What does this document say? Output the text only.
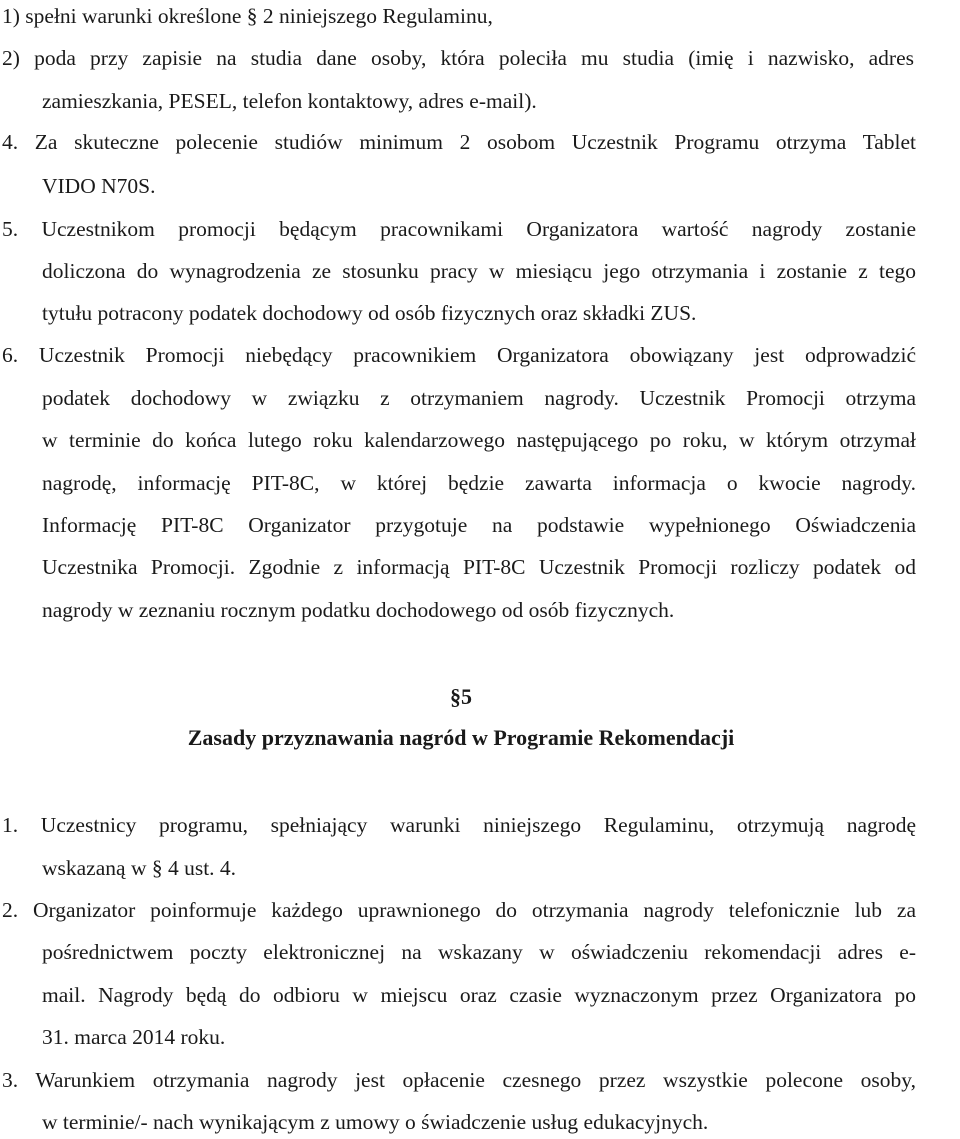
1) spełni warunki określone § 2 niniejszego Regulaminu,
2) poda przy zapisie na studia dane osoby, która poleciła mu studia (imię i nazwisko, adres
zamieszkania, PESEL, telefon kontaktowy, adres e-mail).
4. Za skuteczne polecenie studiów minimum 2 osobom Uczestnik Programu otrzyma Tablet
VIDO N70S.
5. Uczestnikom promocji będącym pracownikami Organizatora wartość nagrody zostanie
doliczona do wynagrodzenia ze stosunku pracy w miesiącu jego otrzymania i zostanie z tego
tytułu potracony podatek dochodowy od osób fizycznych oraz składki ZUS.
6. Uczestnik Promocji niebędący pracownikiem Organizatora obowiązany jest odprowadzić
podatek dochodowy w związku z otrzymaniem nagrody. Uczestnik Promocji otrzyma
w terminie do końca lutego roku kalendarzowego następującego po roku, w którym otrzymał
nagrodę, informację PIT-8C, w której będzie zawarta informacja o kwocie nagrody.
Informację PIT-8C Organizator przygotuje na podstawie wypełnionego Oświadczenia
Uczestnika Promocji. Zgodnie z informacją PIT-8C Uczestnik Promocji rozliczy podatek od
nagrody w zeznaniu rocznym podatku dochodowego od osób fizycznych.
§5
Zasady przyznawania nagród w Programie Rekomendacji
1. Uczestnicy programu, spełniający warunki niniejszego Regulaminu, otrzymują nagrodę
wskazaną w § 4 ust. 4.
2. Organizator poinformuje każdego uprawnionego do otrzymania nagrody telefonicznie lub za
pośrednictwem poczty elektronicznej na wskazany w oświadczeniu rekomendacji adres e-
mail. Nagrody będą do odbioru w miejscu oraz czasie wyznaczonym przez Organizatora po
31. marca 2014 roku.
3. Warunkiem otrzymania nagrody jest opłacenie czesnego przez wszystkie polecone osoby,
w terminie/- nach wynikającym z umowy o świadczenie usług edukacyjnych.
